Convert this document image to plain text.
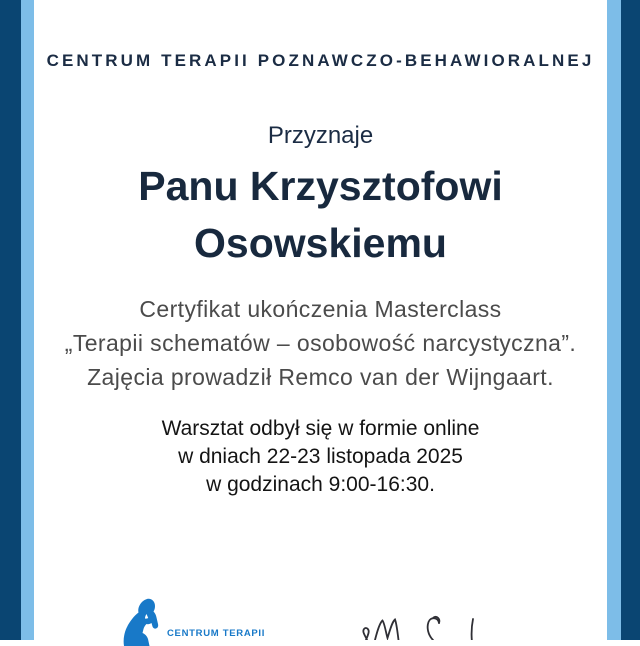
CENTRUM TERAPII POZNAWCZO-BEHAWIORALNEJ
Przyznaje
Panu Krzysztofowi
Osowskiemu
Certyfikat ukończenia Masterclass
„Terapii schematów – osobowość narcystyczna”.
Zajęcia prowadził Remco van der Wijngaart.
Warsztat odbył się w formie online
w dniach 22-23 listopada 2025
w godzinach 9:00-16:30.
CENTRUM TERAPII
